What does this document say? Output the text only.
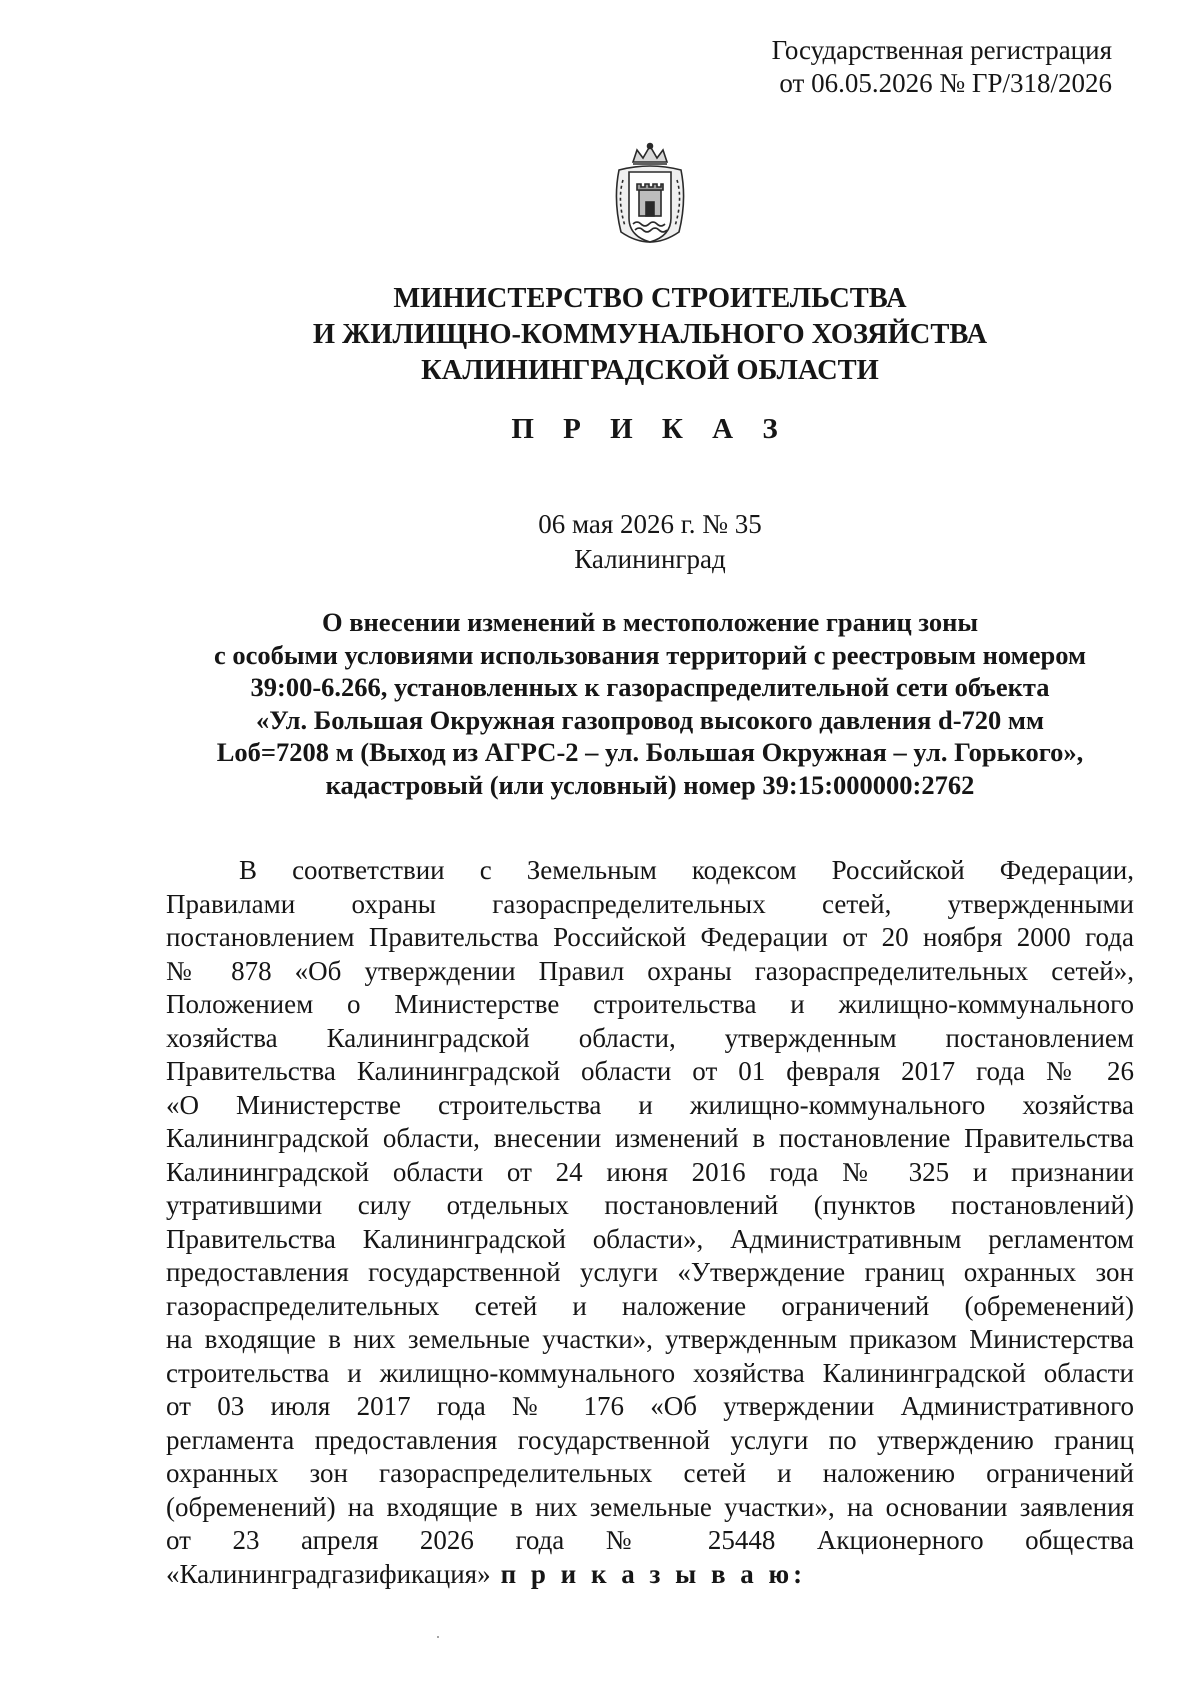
Государственная регистрация
от 06.05.2026 № ГР/318/2026
МИНИСТЕРСТВО СТРОИТЕЛЬСТВА
И ЖИЛИЩНО-КОММУНАЛЬНОГО ХОЗЯЙСТВА
КАЛИНИНГРАДСКОЙ ОБЛАСТИ
П Р И К А З
06 мая 2026 г. № 35
Калининград
О внесении изменений в местоположение границ зоны
с особыми условиями использования территорий с реестровым номером
39:00-6.266, установленных к газораспределительной сети объекта
«Ул. Большая Окружная газопровод высокого давления d-720 мм
Lоб=7208 м (Выход из АГРС-2 – ул. Большая Окружная – ул. Горького»,
кадастровый (или условный) номер 39:15:000000:2762
В соответствии с Земельным кодексом Российской Федерации,
Правилами охраны газораспределительных сетей, утвержденными
постановлением Правительства Российской Федерации от 20 ноября 2000 года
№ 878 «Об утверждении Правил охраны газораспределительных сетей»,
Положением о Министерстве строительства и жилищно-коммунального
хозяйства Калининградской области, утвержденным постановлением
Правительства Калининградской области от 01 февраля 2017 года № 26
«О Министерстве строительства и жилищно-коммунального хозяйства
Калининградской области, внесении изменений в постановление Правительства
Калининградской области от 24 июня 2016 года № 325 и признании
утратившими силу отдельных постановлений (пунктов постановлений)
Правительства Калининградской области», Административным регламентом
предоставления государственной услуги «Утверждение границ охранных зон
газораспределительных сетей и наложение ограничений (обременений)
на входящие в них земельные участки», утвержденным приказом Министерства
строительства и жилищно-коммунального хозяйства Калининградской области
от 03 июля 2017 года № 176 «Об утверждении Административного
регламента предоставления государственной услуги по утверждению границ
охранных зон газораспределительных сетей и наложению ограничений
(обременений) на входящие в них земельные участки», на основании заявления
от 23 апреля 2026 года № 25448 Акционерного общества
«Калининградгазификация» п р и к а з ы в а ю:
